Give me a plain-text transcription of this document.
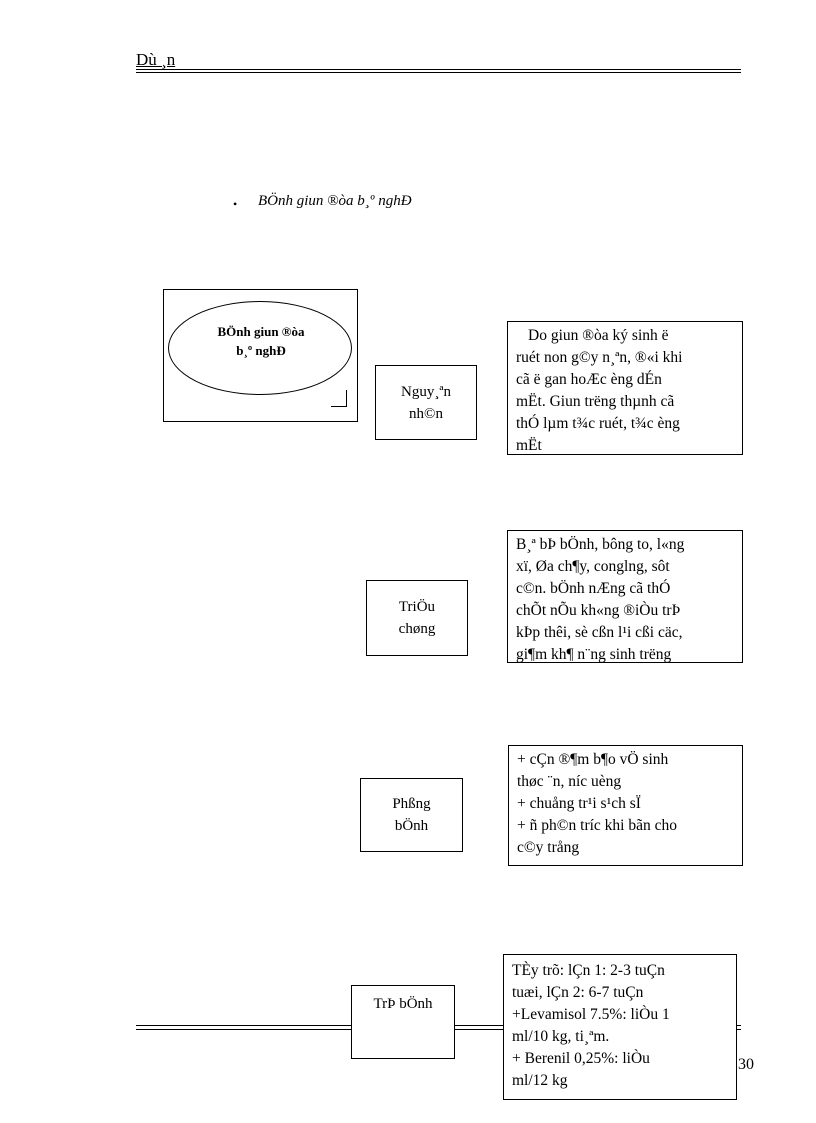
Dù ¸n
• BÖnh giun ®òa b¸º nghÐ
BÖnh giun ®òa
b¸º nghÐ
Nguy¸ªn
nh©n
Do giun ®òa ký sinh ë
ruét non g©y n¸ªn, ®«i khi
cã ë gan hoÆc èng dÉn
mËt. Giun trëng thµnh cã
thÓ lµm t¾c ruét, t¾c èng
mËt
TriÖu
chøng
B¸ª bÞ bÖnh, bông to, l«ng
xï, Øa ch¶y, conglng, sôt
c©n. bÖnh nÆng cã thÓ
chÕt nÕu kh«ng ®iÒu trÞ
kÞp thêi, sè cßn l¹i cßi cäc,
gi¶m kh¶ n¨ng sinh trëng
Phßng
bÖnh
+ cÇn ®¶m b¶o vÖ sinh
thøc ¨n, níc uèng
+ chuång tr¹i s¹ch sÏ
+ ñ ph©n tríc khi bãn cho
c©y trång
TrÞ bÖnh
TÈy trõ: lÇn 1: 2-3 tuÇn
tuæi, lÇn 2: 6-7 tuÇn
+Levamisol 7.5%: liÒu 1
ml/10 kg, ti¸ªm.
+ Berenil 0,25%: liÒu
ml/12 kg
30
